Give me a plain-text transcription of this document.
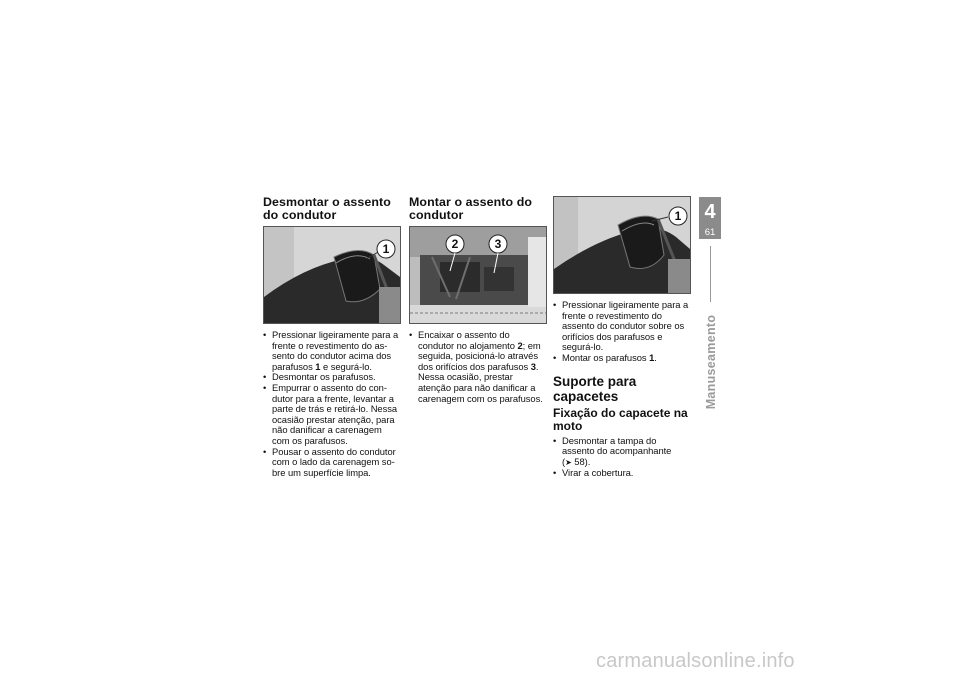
Desmontar o assento do condutor
1
• Pressionar ligeiramente para a frente o revestimento do assento do condutor acima dos parafusos 1 e segurá-lo.
• Desmontar os parafusos.
• Empurrar o assento do condutor para a frente, levantar a parte de trás e retirá-lo. Nessa ocasião prestar atenção, para não danificar a carenagem com os parafusos.
• Pousar o assento do condutor com o lado da carenagem sobre um superfície limpa.
Montar o assento do condutor
2	3
• Encaixar o assento do condutor no alojamento 2; em seguida, posicioná-lo através dos orifícios dos parafusos 3. Nessa ocasião, prestar atenção para não danificar a carenagem com os parafusos.
1
• Pressionar ligeiramente para a frente o revestimento do assento do condutor sobre os orifícios dos parafusos e segurá-lo.
• Montar os parafusos 1.
Suporte para capacetes
Fixação do capacete na moto
• Desmontar a tampa do assento do acompanhante (➤ 58).
• Virar a cobertura.
4
61
Manuseamento
carmanualsonline.info
